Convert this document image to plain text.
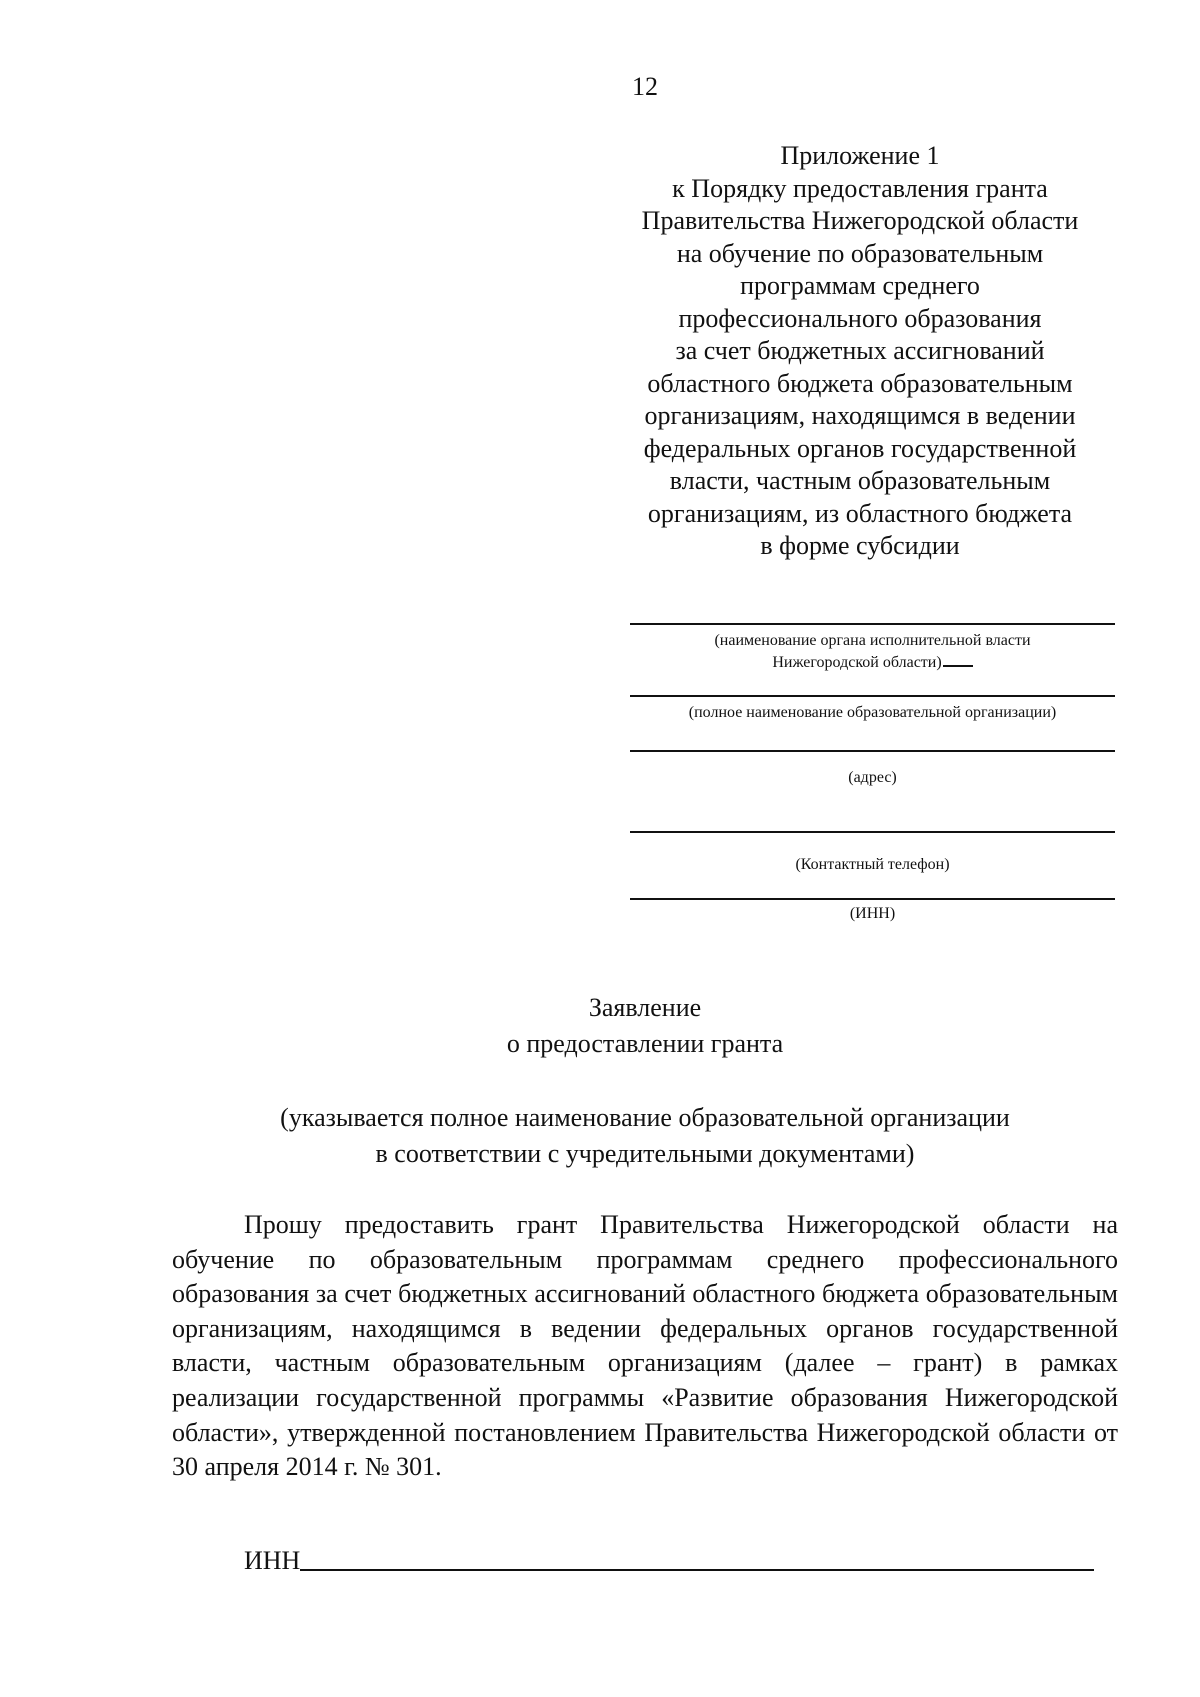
12
Приложение 1
к Порядку предоставления гранта
Правительства Нижегородской области
на обучение по образовательным
программам среднего
профессионального образования
за счет бюджетных ассигнований
областного бюджета образовательным
организациям, находящимся в ведении
федеральных органов государственной
власти, частным образовательным
организациям, из областного бюджета
в форме субсидии
(наименование органа исполнительной власти
Нижегородской области)
(полное наименование образовательной организации)
(адрес)
(Контактный телефон)
(ИНН)
Заявление
о предоставлении гранта
(указывается полное наименование образовательной организации
в соответствии с учредительными документами)
Прошу предоставить грант Правительства Нижегородской области на обучение по образовательным программам среднего профессионального образования за счет бюджетных ассигнований областного бюджета образовательным организациям, находящимся в ведении федеральных органов государственной власти, частным образовательным организациям (далее – грант) в рамках реализации государственной программы «Развитие образования Нижегородской области», утвержденной постановлением Правительства Нижегородской области от 30 апреля 2014 г. № 301.
ИНН
